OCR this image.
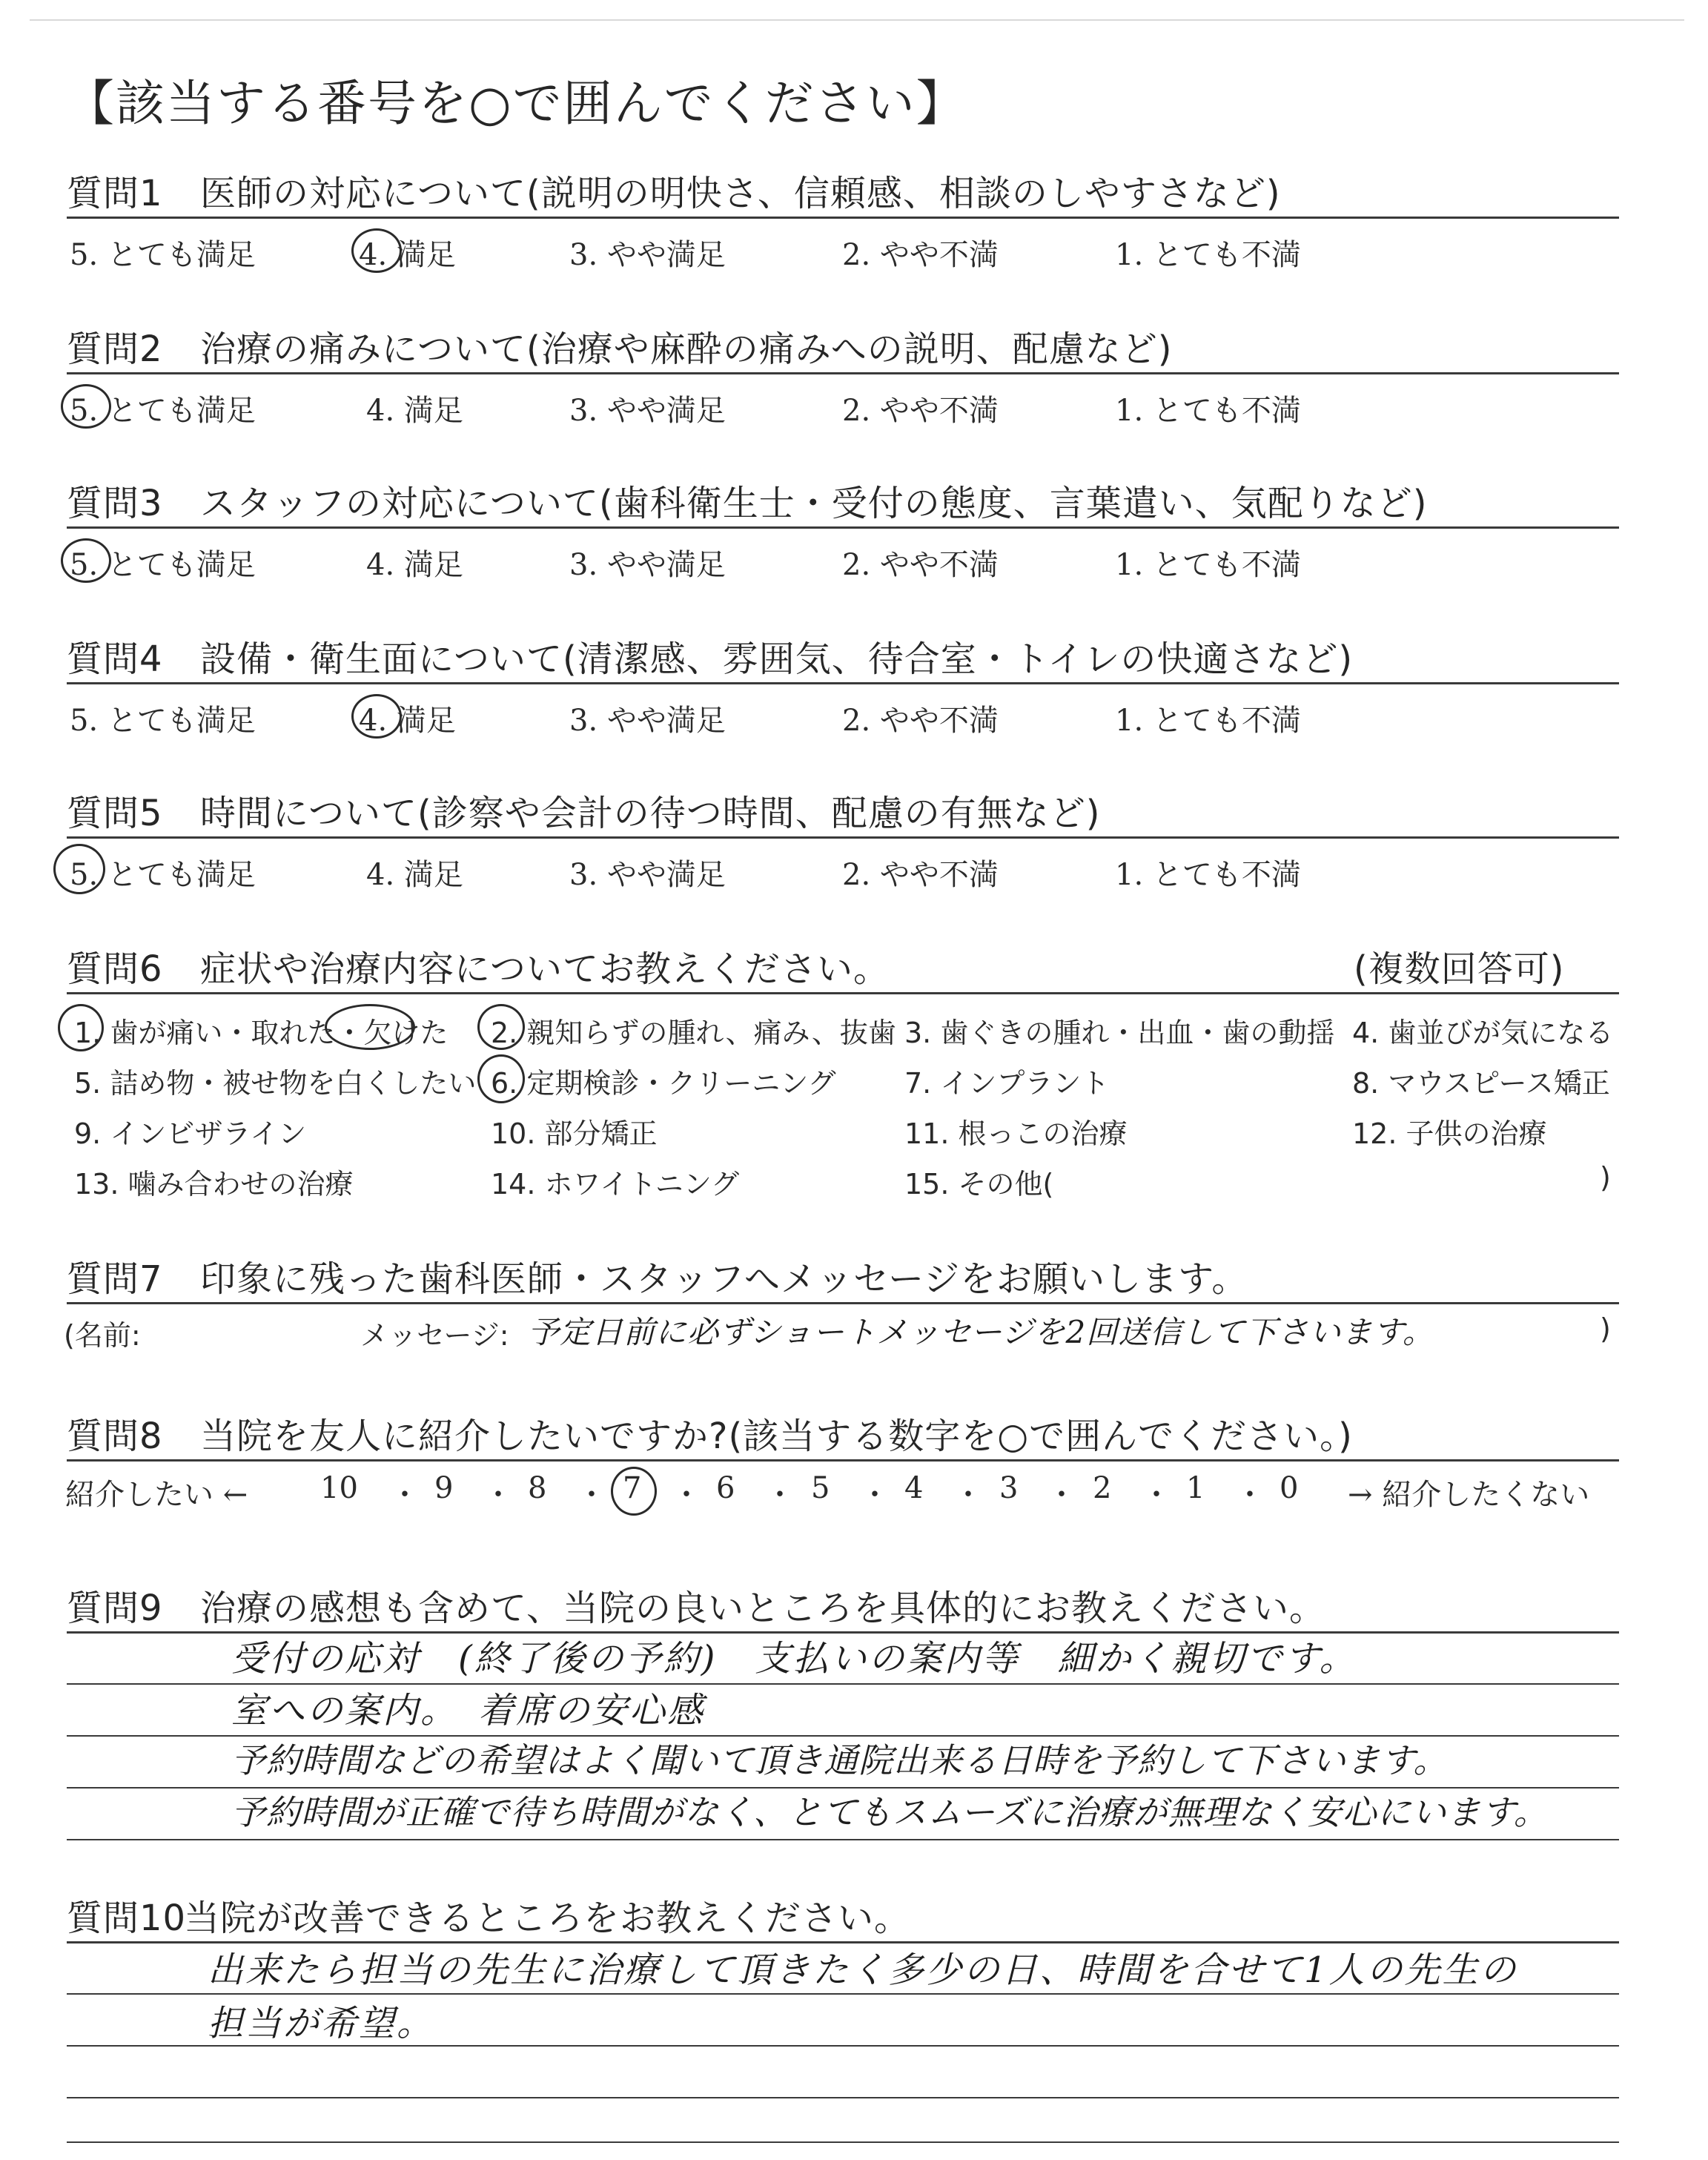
【該当する番号を○で囲んでください】
質問1 医師の対応について(説明の明快さ、信頼感、相談のしやすさなど)
5. とても満足	4. 満足	3. やや満足	2. やや不満	1. とても不満
質問2 治療の痛みについて(治療や麻酔の痛みへの説明、配慮など)
5. とても満足	4. 満足	3. やや満足	2. やや不満	1. とても不満
質問3 スタッフの対応について(歯科衛生士・受付の態度、言葉遣い、気配りなど)
5. とても満足	4. 満足	3. やや満足	2. やや不満	1. とても不満
質問4 設備・衛生面について(清潔感、雰囲気、待合室・トイレの快適さなど)
5. とても満足	4. 満足	3. やや満足	2. やや不満	1. とても不満
質問5 時間について(診察や会計の待つ時間、配慮の有無など)
5. とても満足	4. 満足	3. やや満足	2. やや不満	1. とても不満
質問6 症状や治療内容についてお教えください。	(複数回答可)
1. 歯が痛い・取れた・欠けた 2. 親知らずの腫れ、痛み、抜歯 3. 歯ぐきの腫れ・出血・歯の動揺 4. 歯並びが気になる
5. 詰め物・被せ物を白くしたい 6. 定期検診・クリーニング 7. インプラント	8. マウスピース矯正
9. インビザライン	10. 部分矯正	11. 根っこの治療	12. 子供の治療
13. 噛み合わせの治療	14. ホワイトニング	15. その他(	)
質問7 印象に残った歯科医師・スタッフへメッセージをお願いします。
(名前:	メッセージ: 予定日前に必ずショートメッセージを2回送信して下さいます。	)
質問8 当院を友人に紹介したいですか?(該当する数字を○で囲んでください。)
紹介したい ←	→ 紹介したくない
10 ・ 9 ・ 8 ・ 7 ・ 6 ・ 5 ・ 4 ・ 3 ・ 2 ・ 1 ・ 0
質問9 治療の感想も含めて、当院の良いところを具体的にお教えください。
受付の応対　(終了後の予約)　支払いの案内等　細かく親切です。
室への案内。　着席の安心感
予約時間などの希望はよく聞いて頂き通院出来る日時を予約して下さいます。
予約時間が正確で待ち時間がなく、とてもスムーズに治療が無理なく安心にいます。
質問10当院が改善できるところをお教えください。
出来たら担当の先生に治療して頂きたく多少の日、時間を合せて1人の先生の
担当が希望。
